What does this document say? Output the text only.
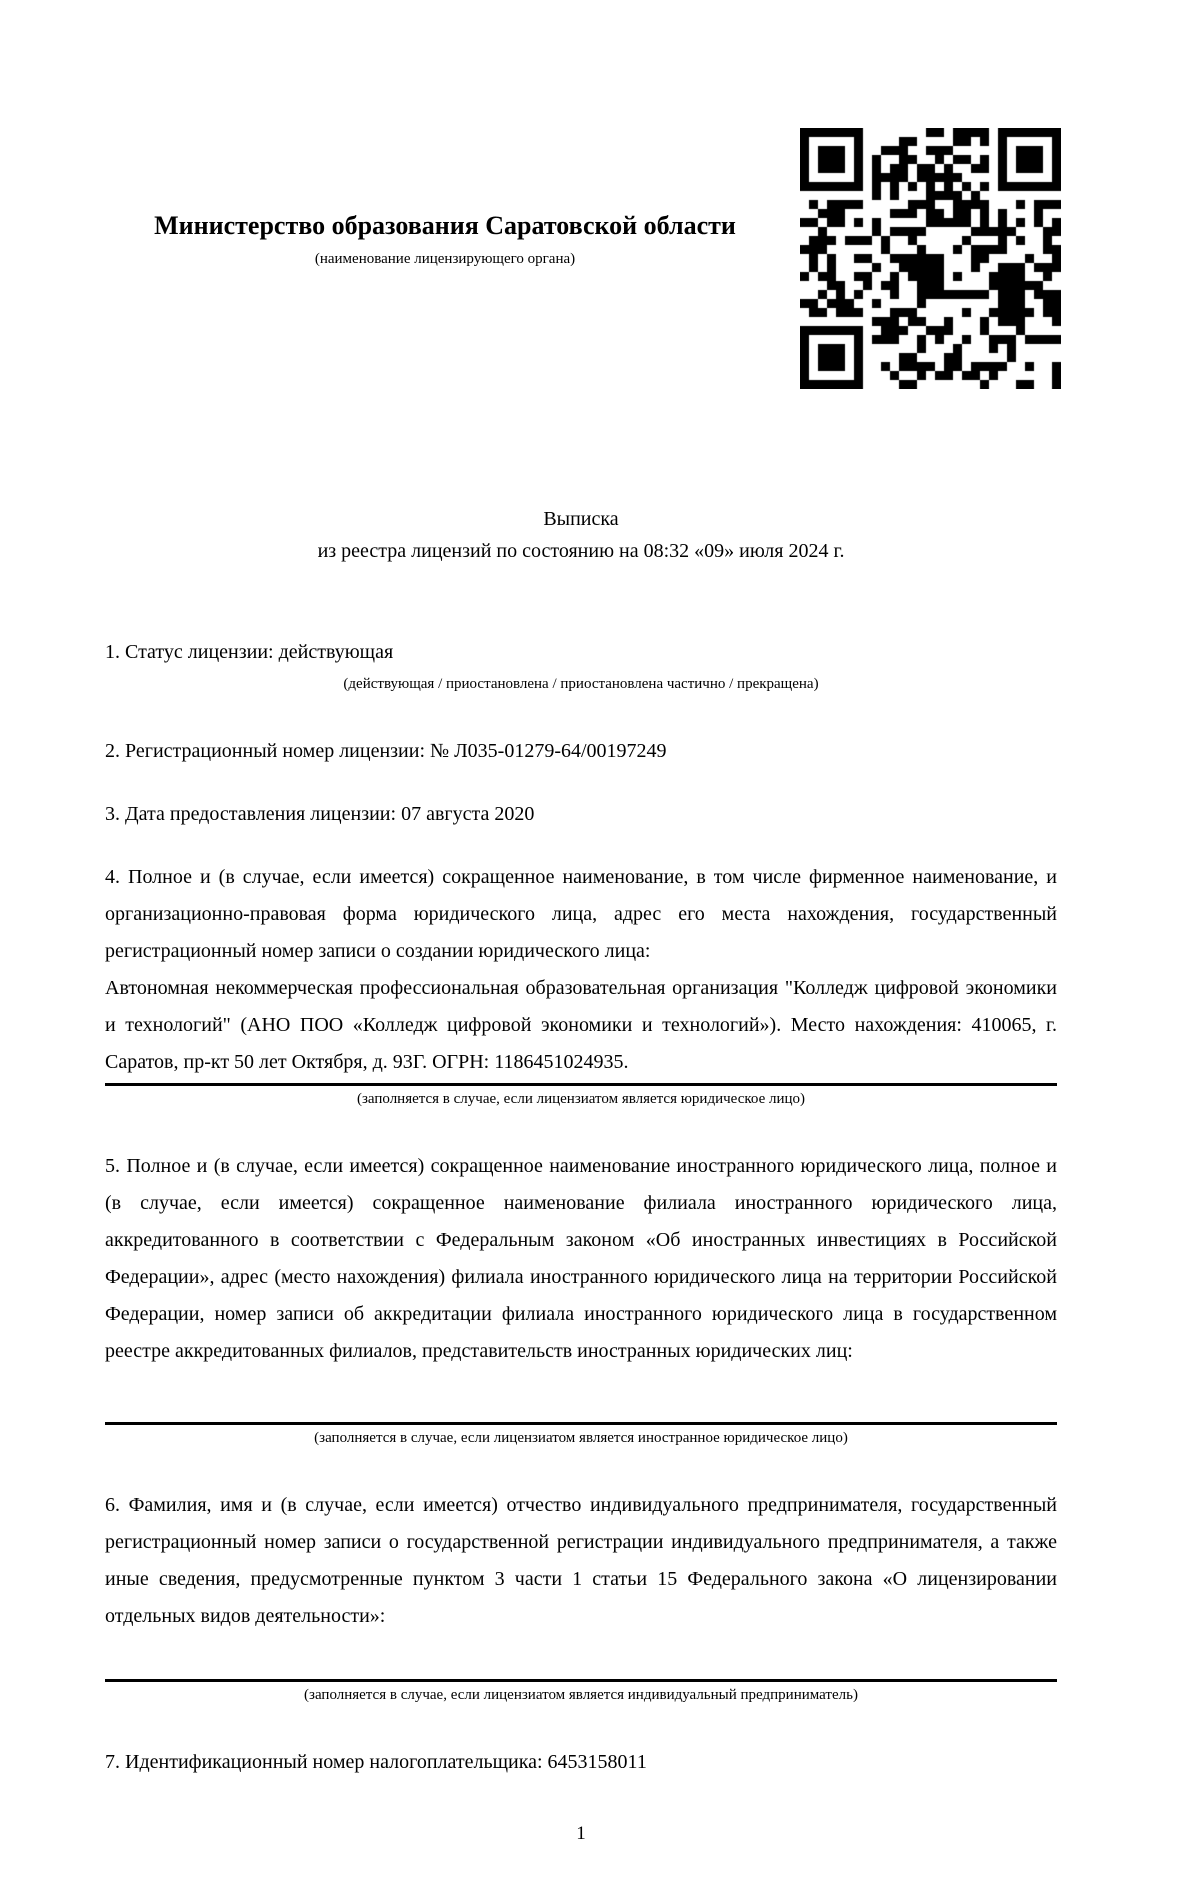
Министерство образования Саратовской области
(наименование лицензирующего органа)
Выписка
из реестра лицензий по состоянию на 08:32 «09» июля 2024 г.

1. Статус лицензии: действующая

(действующая / приостановлена / приостановлена частично / прекращена)

2. Регистрационный номер лицензии: № Л035-01279-64/00197249

3. Дата предоставления лицензии: 07 августа 2020

4. Полное и (в случае, если имеется) сокращенное наименование, в том числе фирменное наименование, и организационно-правовая форма юридического лица, адрес его места нахождения, государственный регистрационный номер записи о создании юридического лица:

Автономная некоммерческая профессиональная образовательная организация "Колледж цифровой экономики и технологий" (АНО ПОО «Колледж цифровой экономики и технологий»). Место нахождения: 410065, г. Саратов, пр-кт 50 лет Октября, д. 93Г. ОГРН: 1186451024935.

(заполняется в случае, если лицензиатом является юридическое лицо)

5. Полное и (в случае, если имеется) сокращенное наименование иностранного юридического лица, полное и (в случае, если имеется) сокращенное наименование филиала иностранного юридического лица, аккредитованного в соответствии с Федеральным законом «Об иностранных инвестициях в Российской Федерации», адрес (место нахождения) филиала иностранного юридического лица на территории Российской Федерации, номер записи об аккредитации филиала иностранного юридического лица в государственном реестре аккредитованных филиалов, представительств иностранных юридических лиц:

(заполняется в случае, если лицензиатом является иностранное юридическое лицо)

6. Фамилия, имя и (в случае, если имеется) отчество индивидуального предпринимателя, государственный регистрационный номер записи о государственной регистрации индивидуального предпринимателя, а также иные сведения, предусмотренные пунктом 3 части 1 статьи 15 Федерального закона «О лицензировании отдельных видов деятельности»:

(заполняется в случае, если лицензиатом является индивидуальный предприниматель)

7. Идентификационный номер налогоплательщика: 6453158011

1
